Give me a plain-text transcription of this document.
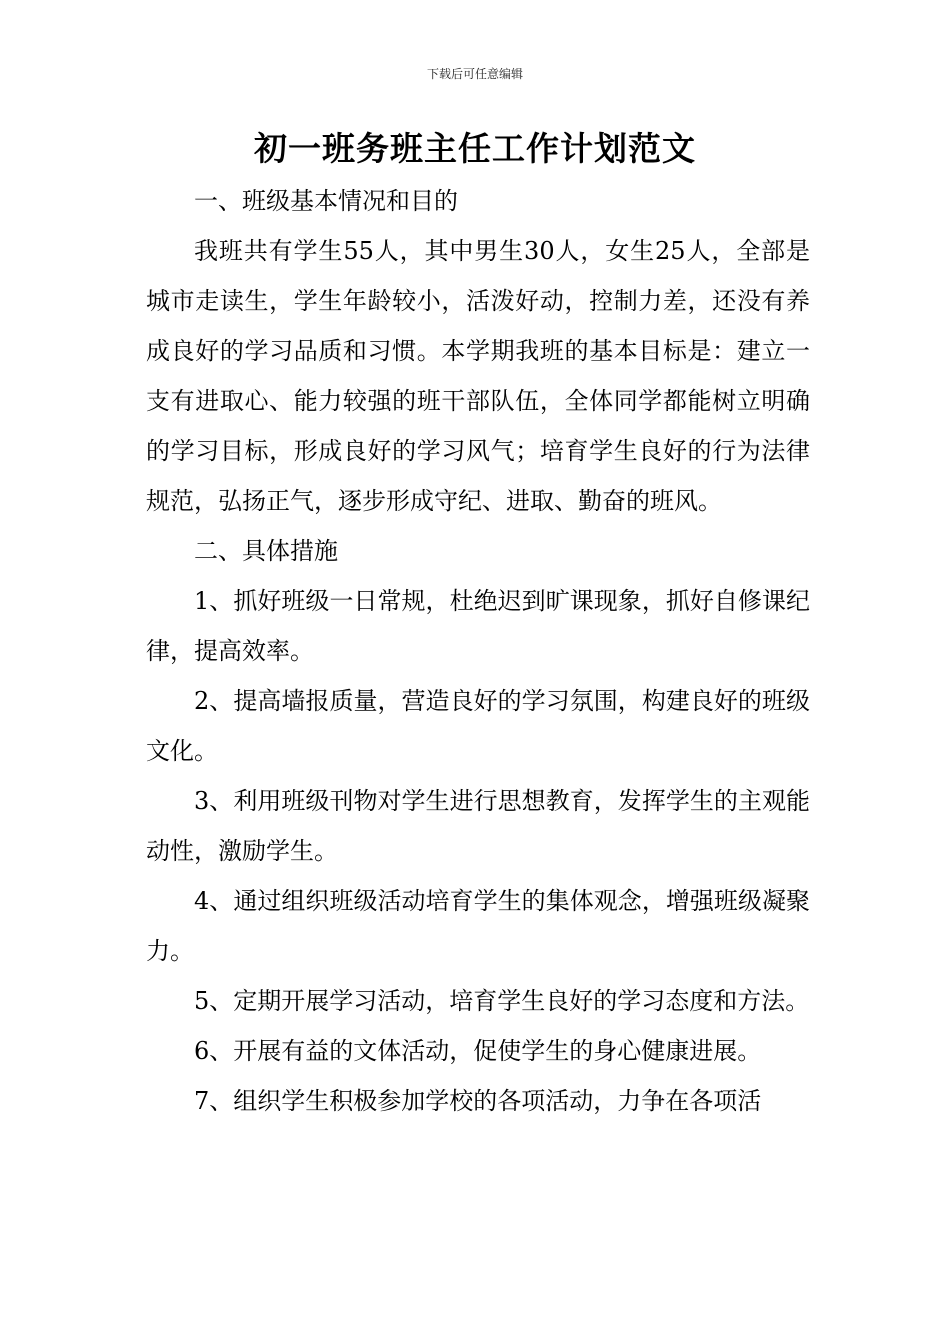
下载后可任意编辑
初一班务班主任工作计划范文

一、班级基本情况和目的

我班共有学生55人，其中男生30人，女生25人，全部是城市走读生，学生年龄较小，活泼好动，控制力差，还没有养成良好的学习品质和习惯。本学期我班的基本目标是：建立一支有进取心、能力较强的班干部队伍，全体同学都能树立明确的学习目标，形成良好的学习风气；培育学生良好的行为法律规范，弘扬正气，逐步形成守纪、进取、勤奋的班风。

二、具体措施

1、抓好班级一日常规，杜绝迟到旷课现象，抓好自修课纪律，提高效率。

2、提高墙报质量，营造良好的学习氛围，构建良好的班级文化。

3、利用班级刊物对学生进行思想教育，发挥学生的主观能动性，激励学生。

4、通过组织班级活动培育学生的集体观念，增强班级凝聚力。

5、定期开展学习活动，培育学生良好的学习态度和方法。

6、开展有益的文体活动，促使学生的身心健康进展。

7、组织学生积极参加学校的各项活动，力争在各项活
